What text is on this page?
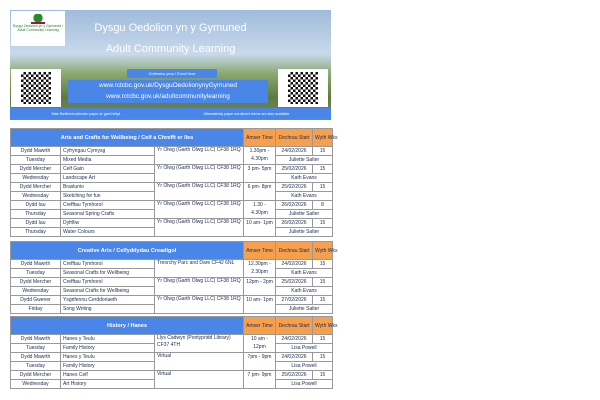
Dysgu Oedolion yn y Gymuned / Adult Community Learning	Dysgu Oedolion yn y Gymuned
Adult Community Learning
Cofrestru yma / Enrol here
www.rctcbc.gov.uk/DysguOedolionynyGymuned
www.rctcbc.gov.uk/adultcommunitylearning
Mae ffurflenni cofrestru papur ar gael hefyd	Alternatively paper enrolment forms are also available
Arts and Crafts for Wellbeing / Celf a Chrefft er lles			Amser Time	Dechrau Start	Wyth Wks
Dydd Mawrth	Cyfryngau Cymysg	Yr Olwg (Garth Olwg LLC) CF38 1RQ	1.30pm - 4.30pm	24/02/2026	15
Tuesday	Mixed Media			Juliette Salter	
Dydd Mercher	Celf Gain	Yr Olwg (Garth Olwg LLC) CF38 1RQ	3 pm- 5pm	25/02/2026	15
Wednesday	Landscape Art			Kath Evans	
Dydd Mercher	Braslunio	Yr Olwg (Garth Olwg LLC) CF38 1RQ	6 pm- 8pm	25/02/2026	15
Wednesday	Sketching for fun			Kath Evans	
Dydd Iau	Crefftau Tymhorol	Yr Olwg (Garth Olwg LLC) CF38 1RQ	1.30 - 4.30pm	26/02/2026	8
Thursday	Seasonal Spring Crafts			Juliette Salter	
Dydd Iau	Dyfrlliw	Yr Olwg (Garth Olwg LLC) CF38 1RQ	10 am- 1pm	26/02/2026	15
Thursday	Water Colours			Juliette Salter	
Creative Arts / Celfyddydau Creadigol			Amser Time	Dechrau Start	Wyth Wks
Dydd Mawrth	Crefftau Tymhorol	Treorchy Parc and Dare CF42 6NL	12.30pm - 2.30pm	24/02/2026	15
Tuesday	Seasonal Crafts for Wellbeing			Kath Evans	
Dydd Mercher	Crefftau Tymhorol	Yr Olwg (Garth Olwg LLC) CF38 1RQ	12pm - 2pm	25/02/2026	15
Wednesday	Seasonal Crafts for Wellbeing			Kath Evans	
Dydd Gwener	Ysgrifennu Cerddoriaeth	Yr Olwg (Garth Olwg LLC) CF38 1RQ	10 am- 1pm	27/02/2026	15
Friday	Song Writing			Juliette Salter	
History / Hanes			Amser Time	Dechrau Start	Wyth Wks
Dydd Mawrth	Hanes y Teulu	Llys Cadwyn (Pontypridd Library) CF37 4TH	10 am - 12pm	24/02/2026	15
Tuesday	Family History			Lisa Powell	
Dydd Mawrth	Hanes y Teulu	Virtual	7pm - 9pm	24/02/2026	15
Tuesday	Family History			Lisa Powell	
Dydd Mercher	Hanes Celf	Virtual	7 pm- 9pm	25/02/2026	15
Wednesday	Art History			Lisa Powell	
